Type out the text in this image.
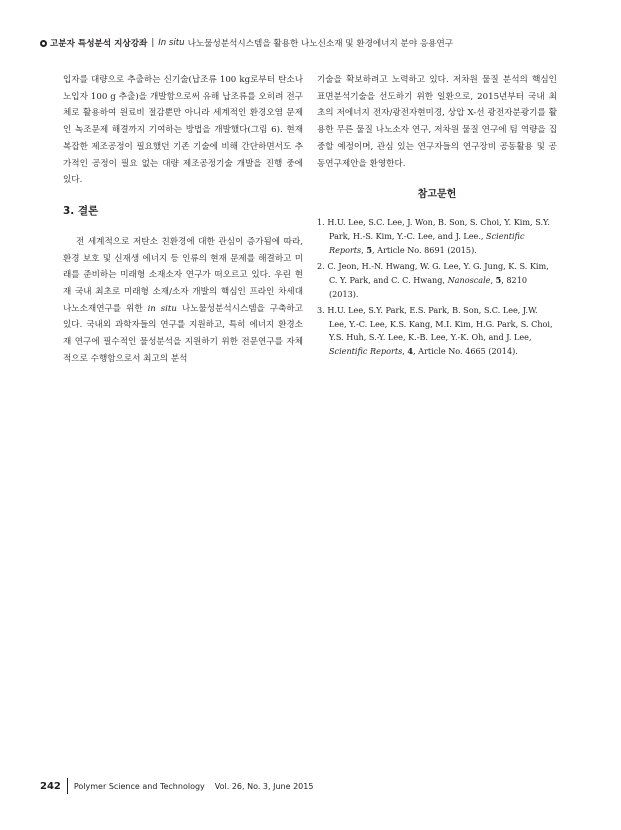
고분자 특성분석 지상강좌 | In situ 나노물성분석시스템을 활용한 나노신소재 및 환경에너지 분야 응용연구

입자를 대량으로 추출하는 신기술(납조류 100 kg로부터 탄소나노입자 100 g 추출)을 개발함으로써 유해 납조류를 오히려 전구체로 활용하여 원료비 절감뿐만 아니라 세계적인 환경오염 문제인 녹조문제 해결까지 기여하는 방법을 개발했다(그림 6). 현재 복잡한 제조공정이 필요했던 기존 기술에 비해 간단하면서도 추가적인 공정이 필요 없는 대량 제조공정기술 개발을 진행 중에 있다.

3. 결론

전 세계적으로 저탄소 친환경에 대한 관심이 증가됨에 따라, 환경 보호 및 신재생 에너지 등 인류의 현재 문제를 해결하고 미래를 준비하는 미래형 소재소자 연구가 떠오르고 있다. 우린 현재 국내 최초로 미래형 소재/소자 개발의 핵심인 프라인 차세대 나노소재연구를 위한 in situ 나노물성분석시스템을 구축하고 있다. 국내외 과학자들의 연구를 지원하고, 특히 에너지 환경소재 연구에 필수적인 물성분석을 지원하기 위한 전문연구를 자체적으로 수행함으로서 최고의 분석

기술을 확보하려고 노력하고 있다. 저차원 물질 분석의 핵심인 표면분석기술을 선도하기 위한 일환으로, 2015년부터 국내 최초의 저에너지 전자/광전자현미경, 상압 X-선 광전자분광기를 활용한 무른 물질 나노소자 연구, 저차원 물질 연구에 팀 역량을 집중할 예정이며, 관심 있는 연구자들의 연구장비 공동활용 및 공동연구제안을 환영한다.

참고문헌
1. H.U. Lee, S.C. Lee, J. Won, B. Son, S. Choi, Y. Kim, S.Y. Park, H.-S. Kim, Y.-C. Lee, and J. Lee., Scientific Reports, 5, Article No. 8691 (2015).
2. C. Jeon, H.-N. Hwang, W. G. Lee, Y. G. Jung, K. S. Kim, C. Y. Park, and C. C. Hwang, Nanoscale, 5, 8210 (2013).
3. H.U. Lee, S.Y. Park, E.S. Park, B. Son, S.C. Lee, J.W. Lee, Y.-C. Lee, K.S. Kang, M.I. Kim, H.G. Park, S. Choi, Y.S. Huh, S.-Y. Lee, K.-B. Lee, Y.-K. Oh, and J. Lee, Scientific Reports, 4, Article No. 4665 (2014).
242 Polymer Science and Technology Vol. 26, No. 3, June 2015
